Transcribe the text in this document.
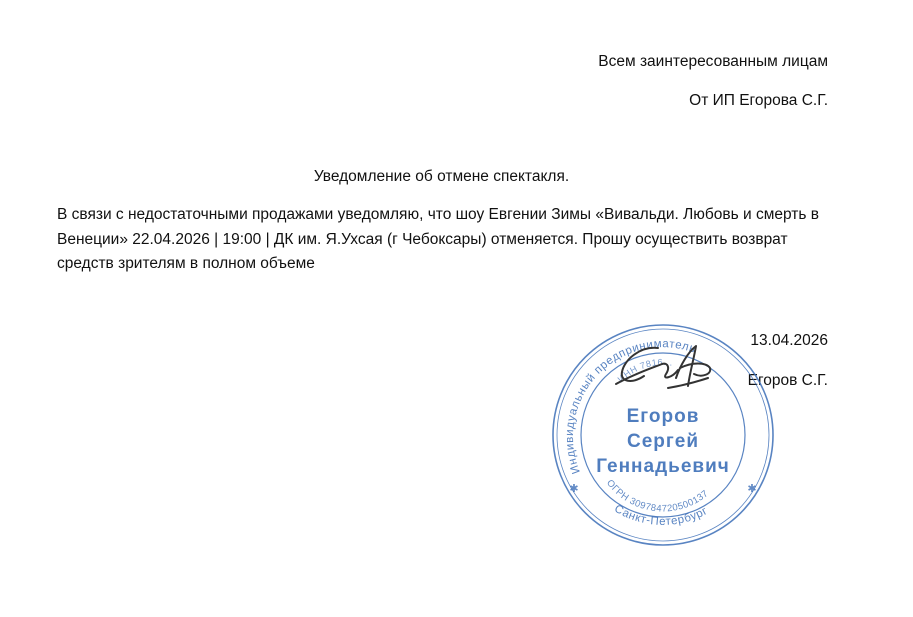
Всем заинтересованным лицам
От ИП Егорова С.Г.
Уведомление об отмене спектакля.
В связи с недостаточными продажами уведомляю, что шоу Евгении Зимы «Вивальди. Любовь и смерть в Венеции» 22.04.2026 | 19:00 | ДК им. Я.Ухсая (г Чебоксары) отменяется. Прошу осуществить возврат средств зрителям в полном объеме
13.04.2026
Егоров С.Г.
Индивидуальный предприниматель
Санкт-Петербург
ИНН 7816...
ОГРН 309784720500137
Егоров
Сергей
Геннадьевич
✱	✱
